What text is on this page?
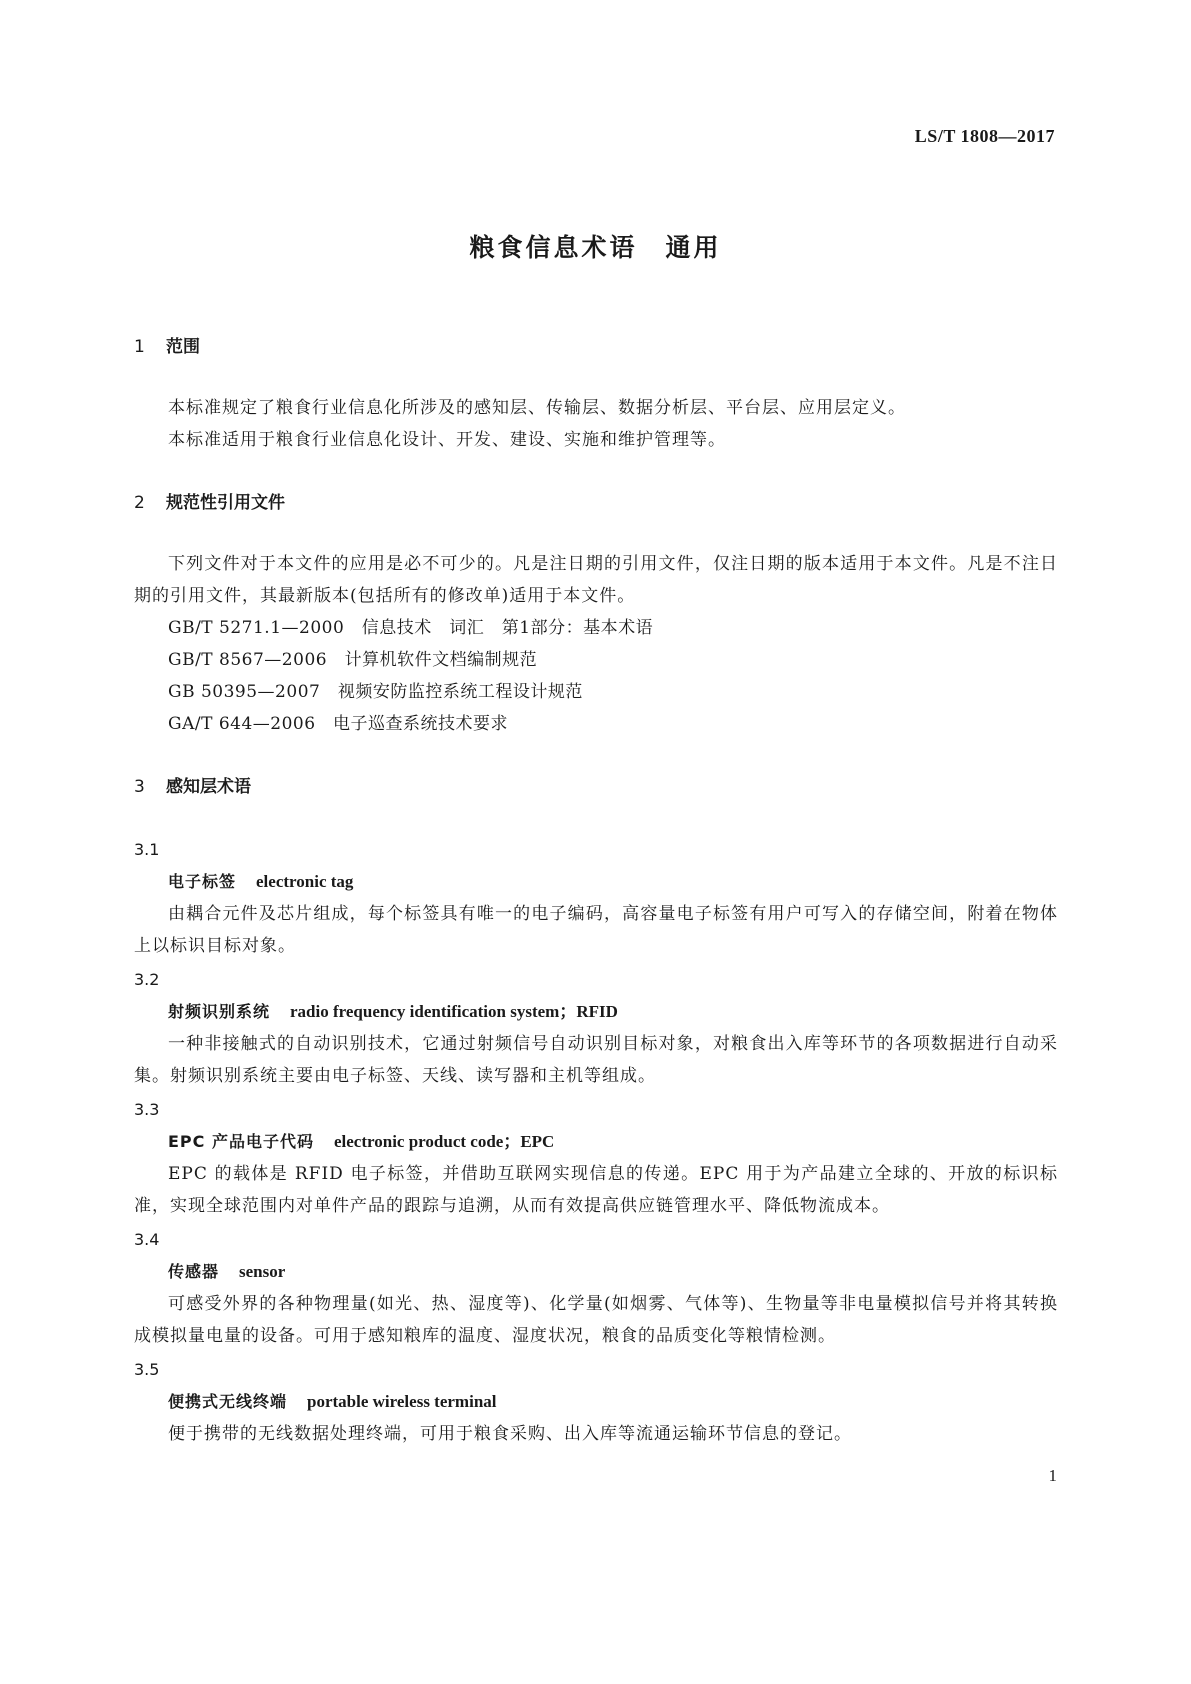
LS/T 1808—2017
粮食信息术语　通用
1 范围
本标准规定了粮食行业信息化所涉及的感知层、传输层、数据分析层、平台层、应用层定义。
本标准适用于粮食行业信息化设计、开发、建设、实施和维护管理等。
2 规范性引用文件
下列文件对于本文件的应用是必不可少的。凡是注日期的引用文件，仅注日期的版本适用于本文件。凡是不注日期的引用文件，其最新版本(包括所有的修改单)适用于本文件。
GB/T 5271.1—2000　信息技术　词汇　第1部分：基本术语
GB/T 8567—2006　计算机软件文档编制规范
GB 50395—2007　视频安防监控系统工程设计规范
GA/T 644—2006　电子巡查系统技术要求
3 感知层术语
3.1
电子标签 electronic tag
由耦合元件及芯片组成，每个标签具有唯一的电子编码，高容量电子标签有用户可写入的存储空间，附着在物体上以标识目标对象。
3.2
射频识别系统 radio frequency identification system；RFID
一种非接触式的自动识别技术，它通过射频信号自动识别目标对象，对粮食出入库等环节的各项数据进行自动采集。射频识别系统主要由电子标签、天线、读写器和主机等组成。
3.3
EPC 产品电子代码 electronic product code；EPC
EPC 的载体是 RFID 电子标签，并借助互联网实现信息的传递。EPC 用于为产品建立全球的、开放的标识标准，实现全球范围内对单件产品的跟踪与追溯，从而有效提高供应链管理水平、降低物流成本。
3.4
传感器 sensor
可感受外界的各种物理量(如光、热、湿度等)、化学量(如烟雾、气体等)、生物量等非电量模拟信号并将其转换成模拟量电量的设备。可用于感知粮库的温度、湿度状况，粮食的品质变化等粮情检测。
3.5
便携式无线终端 portable wireless terminal
便于携带的无线数据处理终端，可用于粮食采购、出入库等流通运输环节信息的登记。
1
